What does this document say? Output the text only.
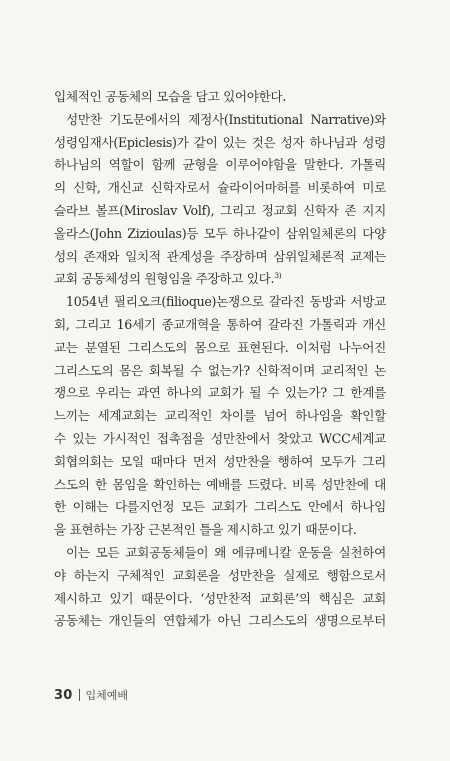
입체적인 공동체의 모습을 담고 있어야한다.

성만찬 기도문에서의 제정사(Institutional Narrative)와
성령임재사(Epiclesis)가 같이 있는 것은 성자 하나님과 성령
하나님의 역할이 함께 균형을 이루어야함을 말한다. 가톨릭
의 신학, 개신교 신학자로서 슐라이어마허를 비롯하여 미로
슬라브 볼프(Miroslav Volf), 그리고 정교회 신학자 존 지지
올라스(John Zizioulas)등 모두 하나같이 삼위일체론의 다양
성의 존재와 일치적 관계성을 주장하며 삼위일체론적 교제는
교회 공동체성의 원형임을 주장하고 있다.$^{3)}$

1054년 필리오크(filioque)논쟁으로 갈라진 동방과 서방교
회, 그리고 16세기 종교개혁을 통하여 갈라진 가톨릭과 개신
교는 분열된 그리스도의 몸으로 표현된다. 이처럼 나누어진
그리스도의 몸은 회복될 수 없는가? 신학적이며 교리적인 논
쟁으로 우리는 과연 하나의 교회가 될 수 있는가? 그 한계를
느끼는 세계교회는 교리적인 차이를 넘어 하나임을 확인할
수 있는 가시적인 접촉점을 성만찬에서 찾았고 WCC세계교
회협의회는 모일 때마다 먼저 성만찬을 행하여 모두가 그리
스도의 한 몸임을 확인하는 예배를 드렸다. 비록 성만찬에 대
한 이해는 다를지언정 모든 교회가 그리스도 안에서 하나임
을 표현하는 가장 근본적인 틀을 제시하고 있기 때문이다.

이는 모든 교회공동체들이 왜 에큐메니칼 운동을 실천하여
야 하는지 구체적인 교회론을 성만찬을 실제로 행함으로서
제시하고 있기 때문이다. ‘성만찬적 교회론’의 핵심은 교회
공동체는 개인들의 연합체가 아닌 그리스도의 생명으로부터

30 입체예배
